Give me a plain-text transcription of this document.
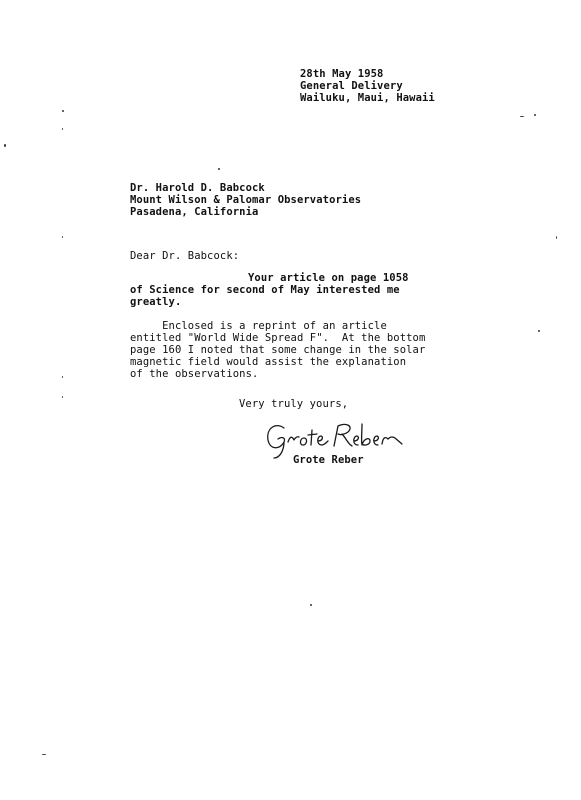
28th May 1958
General Delivery
Wailuku, Maui, Hawaii
Dr. Harold D. Babcock
Mount Wilson & Palomar Observatories
Pasadena, California
Dear Dr. Babcock:
Your article on page 1058
of Science for second of May interested me
greatly.
Enclosed is a reprint of an article
entitled "World Wide Spread F".  At the bottom
page 160 I noted that some change in the solar
magnetic field would assist the explanation
of the observations.
Very truly yours,
Grote Reber
